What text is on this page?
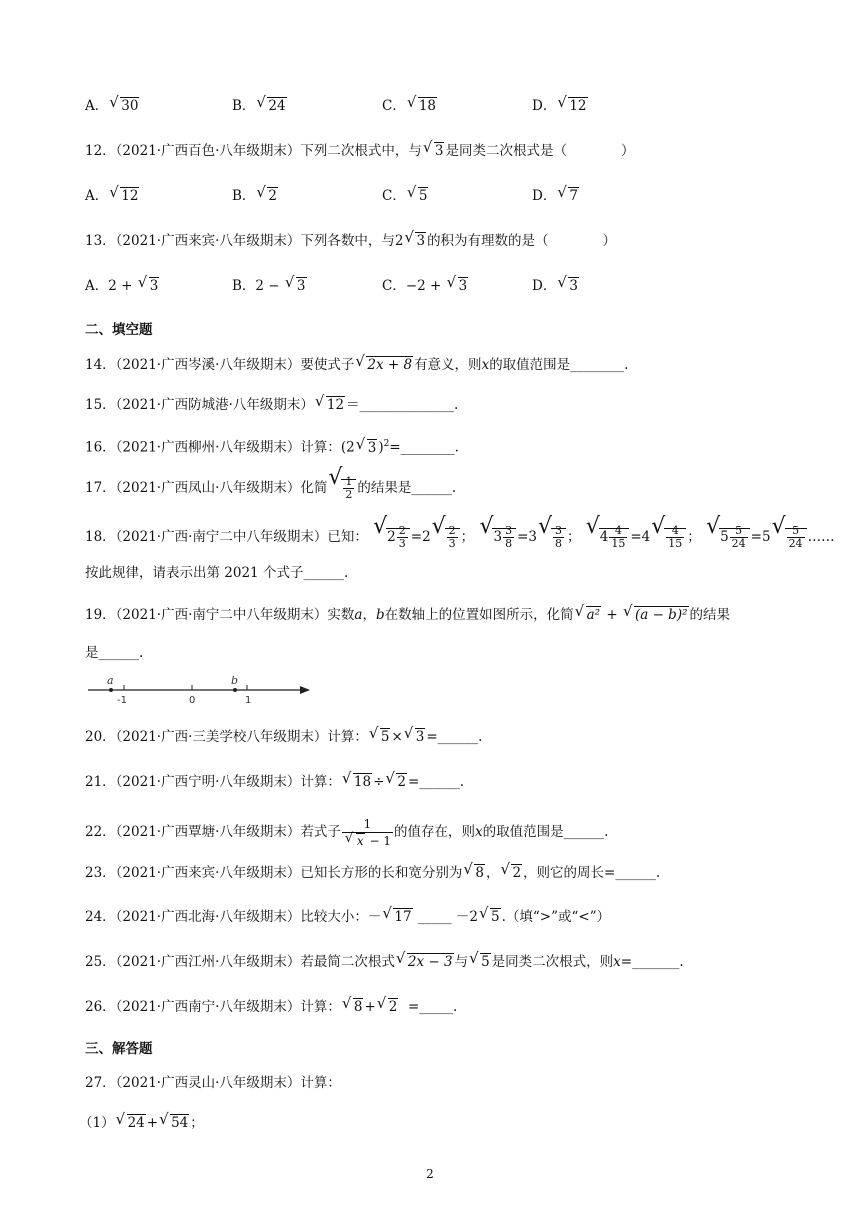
A． √ 30	B． √ 24	C． √ 18	D． √ 12
12．（2021·广西百色·八年级期末）下列二次根式中，与 √ 3 是同类二次根式是（　　　　）
A． √ 12	B． √ 2	C． √ 5	D． √ 7
13．（2021·广西来宾·八年级期末）下列各数中，与2 √ 3 的积为有理数的是（　　　　）
A．2 + √ 3	B．2 − √ 3	C．−2 + √ 3	D． √ 3
二、填空题
14．（2021·广西岑溪·八年级期末）要使式子 √ 2x + 8 有意义，则x的取值范围是________.
15．（2021·广西防城港·八年级期末） √ 12 ＝______________.
16．（2021·广西柳州·八年级期末）计算：(2 √ 3 )$^2$=________.
17．（2021·广西凤山·八年级期末）化简 √ $\frac{1}{2}$ 的结果是______.
18．（2021·广西·南宁二中八年级期末）已知： √ $2 \frac{2}{3} =2$ √ $\frac{2}{3}$ ； √ $3 \frac{3}{8} =3$ √ $\frac{3}{8}$ ； √ $4 \frac{4}{15} =4$ √ $\frac{4}{15}$ ； √ $5 \frac{5}{24} =5$ √ $\frac{5}{24}$ ……
按此规律，请表示出第 2021 个式子______.
19．（2021·广西·南宁二中八年级期末）实数a，b在数轴上的位置如图所示，化简 √ a² + √ (a − b)² 的结果
是______.
a
-1	0
b
1
20．（2021·广西·三美学校八年级期末）计算： √ 5 × √ 3 =______.
21．（2021·广西宁明·八年级期末）计算： √ 18 ÷ √ 2 =______.
22．（2021·广西覃塘·八年级期末）若式子 $\frac{1}{√ x - 1}$ 的值存在，则x的取值范围是______.
23．（2021·广西来宾·八年级期末）已知长方形的长和宽分别为 √ 8 ， √ 2 ，则它的周长=______.
24．（2021·广西北海·八年级期末）比较大小：－ √ 17 _____ －2 √ 5 .（填“>”或“<”）
25．（2021·广西江州·八年级期末）若最简二次根式 √ 2x − 3 与 √ 5 是同类二次根式，则x=_______.
26．（2021·广西南宁·八年级期末）计算： √ 8 + √ 2 =_____.
三、解答题
27．（2021·广西灵山·八年级期末）计算：
（1） √ 24 + √ 54 ；
2
